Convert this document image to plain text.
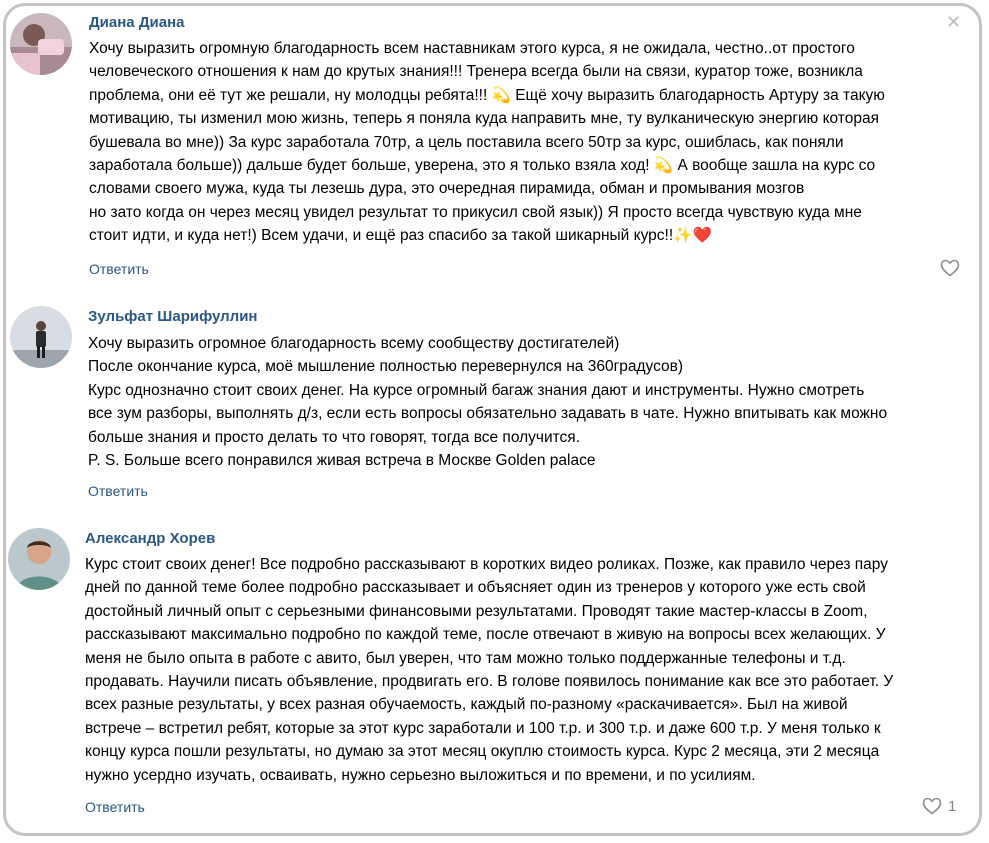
✕
Диана Диана
Хочу выразить огромную благодарность всем наставникам этого курса, я не ожидала, честно..от простого
человеческого отношения к нам до крутых знания!!! Тренера всегда были на связи, куратор тоже, возникла
проблема, они её тут же решали, ну молодцы ребята!!! 💫 Ещё хочу выразить благодарность Артуру за такую
мотивацию, ты изменил мою жизнь, теперь я поняла куда направить мне, ту вулканическую энергию которая
бушевала во мне)) За курс заработала 70тр, а цель поставила всего 50тр за курс, ошиблась, как поняли
заработала больше)) дальше будет больше, уверена, это я только взяла ход! 💫 А вообще зашла на курс со
словами своего мужа, куда ты лезешь дура, это очередная пирамида, обман и промывания мозгов
но зато когда он через месяц увидел результат то прикусил свой язык)) Я просто всегда чувствую куда мне
стоит идти, и куда нет!) Всем удачи, и ещё раз спасибо за такой шикарный курс!!✨❤️
Ответить
Зульфат Шарифуллин
Хочу выразить огромное благодарность всему сообществу достигателей)
После окончание курса, моё мышление полностью перевернулся на 360градусов)
Курс однозначно стоит своих денег. На курсе огромный багаж знания дают и инструменты. Нужно смотреть
все зум разборы, выполнять д/з, если есть вопросы обязательно задавать в чате. Нужно впитывать как можно
больше знания и просто делать то что говорят, тогда все получится.
P. S. Больше всего понравился живая встреча в Москве Golden palace
Ответить
Александр Хорев
Курс стоит своих денег! Все подробно рассказывают в коротких видео роликах. Позже, как правило через пару
дней по данной теме более подробно рассказывает и объясняет один из тренеров у которого уже есть свой
достойный личный опыт с серьезными финансовыми результатами. Проводят такие мастер-классы в Zoom,
рассказывают максимально подробно по каждой теме, после отвечают в живую на вопросы всех желающих. У
меня не было опыта в работе с авито, был уверен, что там можно только поддержанные телефоны и т.д.
продавать. Научили писать объявление, продвигать его. В голове появилось понимание как все это работает. У
всех разные результаты, у всех разная обучаемость, каждый по-разному «раскачивается». Был на живой
встрече – встретил ребят, которые за этот курс заработали и 100 т.р. и 300 т.р. и даже 600 т.р. У меня только к
концу курса пошли результаты, но думаю за этот месяц окуплю стоимость курса. Курс 2 месяца, эти 2 месяца
нужно усердно изучать, осваивать, нужно серьезно выложиться и по времени, и по усилиям.
Ответить	1
